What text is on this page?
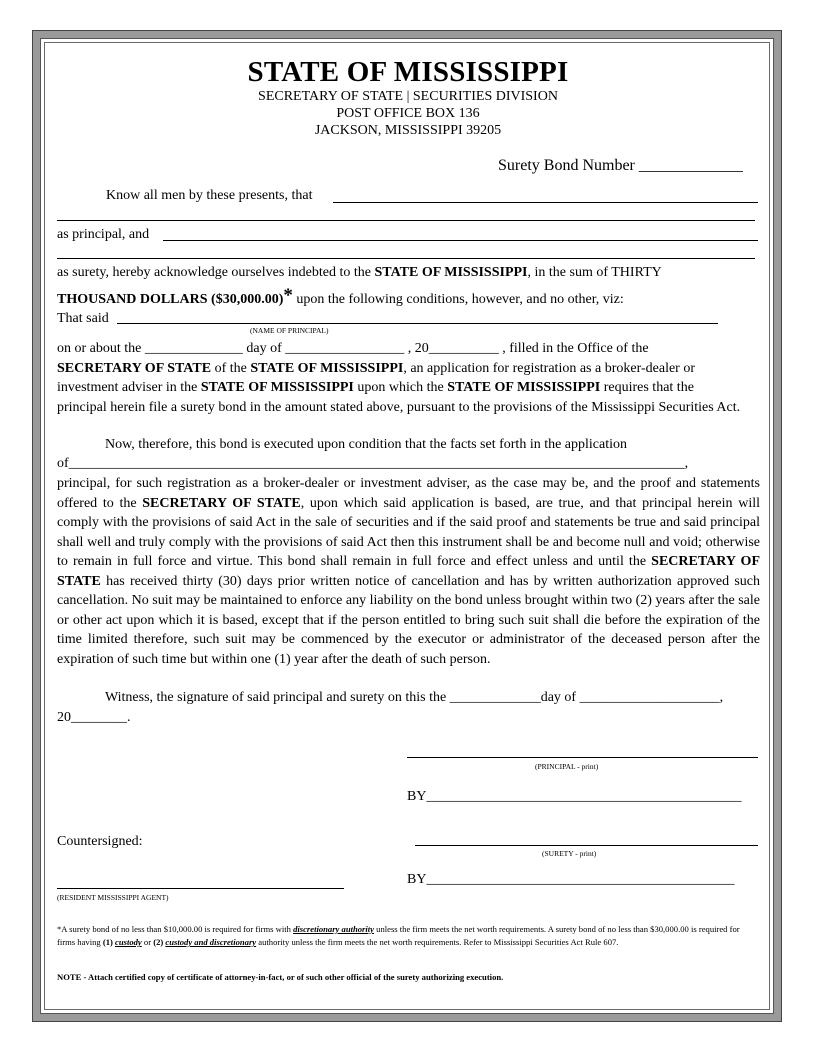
STATE OF MISSISSIPPI
SECRETARY OF STATE | SECURITIES DIVISION
POST OFFICE BOX 136
JACKSON, MISSISSIPPI 39205
Surety Bond Number _____________
Know all men by these presents, that
as principal, and
as surety, hereby acknowledge ourselves indebted to the STATE OF MISSISSIPPI, in the sum of THIRTY
THOUSAND DOLLARS ($30,000.00)* upon the following conditions, however, and no other, viz:
That said
(NAME OF PRINCIPAL)
on or about the ______________ day of _________________ , 20__________ , filled in the Office of the
SECRETARY OF STATE of the STATE OF MISSISSIPPI, an application for registration as a broker-dealer or
investment adviser in the STATE OF MISSISSIPPI upon which the STATE OF MISSISSIPPI requires that the
principal herein file a surety bond in the amount stated above, pursuant to the provisions of the Mississippi Securities Act.
Now, therefore, this bond is executed upon condition that the facts set forth in the application
of________________________________________________________________________________________,
principal, for such registration as a broker-dealer or investment adviser, as the case may be, and the proof and statements offered to the SECRETARY OF STATE, upon which said application is based, are true, and that principal herein will comply with the provisions of said Act in the sale of securities and if the said proof and statements be true and said principal shall well and truly comply with the provisions of said Act then this instrument shall be and become null and void; otherwise to remain in full force and virtue. This bond shall remain in full force and effect unless and until the SECRETARY OF STATE has received thirty (30) days prior written notice of cancellation and has by written authorization approved such cancellation. No suit may be maintained to enforce any liability on the bond unless brought within two (2) years after the sale or other act upon which it is based, except that if the person entitled to bring such suit shall die before the expiration of the time limited therefore, such suit may be commenced by the executor or administrator of the deceased person after the expiration of such time but within one (1) year after the death of such person.
Witness, the signature of said principal and surety on this the _____________day of ____________________,
20________.
(PRINCIPAL - print)
BY_____________________________________________
Countersigned:
(SURETY - print)
BY____________________________________________
(RESIDENT MISSISSIPPI AGENT)
*A surety bond of no less than $10,000.00 is required for firms with discretionary authority unless the firm meets the net worth requirements. A surety bond of no less than $30,000.00 is required for firms having (1) custody or (2) custody and discretionary authority unless the firm meets the net worth requirements. Refer to Mississippi Securities Act Rule 607.
NOTE - Attach certified copy of certificate of attorney-in-fact, or of such other official of the surety authorizing execution.
